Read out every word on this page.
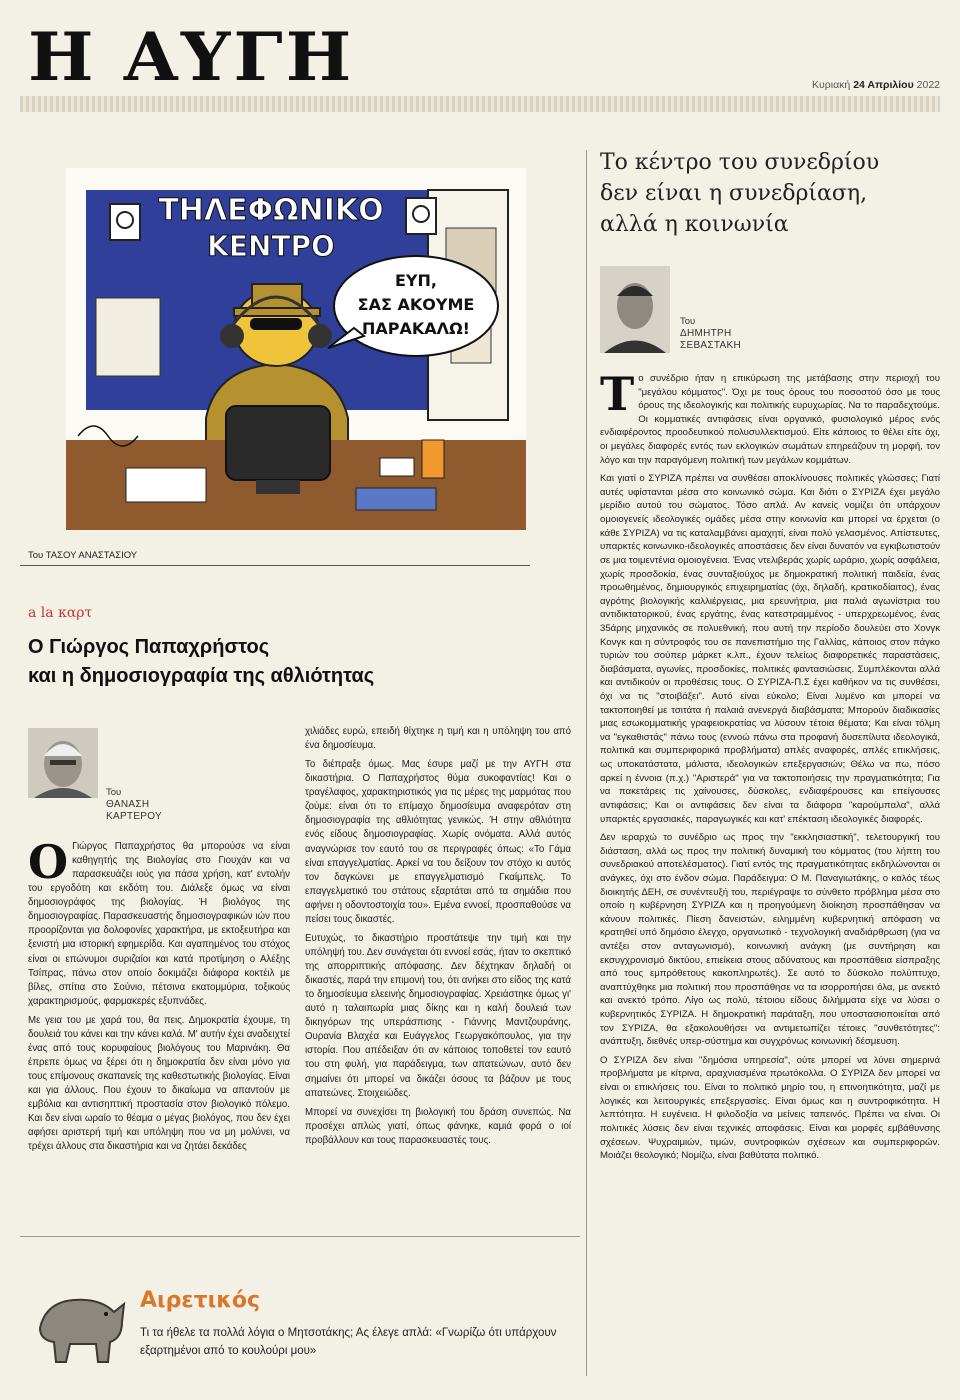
Η ΑΥΓΗ	Κυριακή 24 Απριλίου 2022
ΤΗΛΕΦΩΝΙΚΟ
ΚΕΝΤΡΟ
ΕΥΠ,
ΣΑΣ ΑΚΟΥΜΕ
ΠΑΡΑΚΑΛΩ!
Του ΤΑΣΟΥ ΑΝΑΣΤΑΣΙΟΥ
a la καρτ
Ο Γιώργος Παπαχρήστος
και η δημοσιογραφία της αθλιότητας
Του
ΘΑΝΑΣΗ
ΚΑΡΤΕΡΟΥ

Ο Γιώργος Παπαχρήστος θα μπορούσε να είναι καθηγητής της Βιολογίας στο Γιουχάν και να παρασκευάζει ιούς για πάσα χρήση, κατ' εντολήν του εργοδότη και εκδότη του. Διάλεξε όμως να είναι δημοσιογράφος της βιολογίας. Ή βιολόγος της δημοσιογραφίας. Παρασκευαστής δημοσιογραφικών ιών που προορίζονται για δολοφονίες χαρακτήρα, με εκτοξευτήρα και ξενιστή μια ιστορική εφημερίδα. Και αγαπημένος του στόχος είναι οι επώνυμοι συριζαίοι και κατά προτίμηση ο Αλέξης Τσίπρας, πάνω στον οποίο δοκιμάζει διάφορα κοκτέιλ με βίλες, σπίτια στο Σούνιο, πέτσινα εκατομμύρια, τοξικούς χαρακτηρισμούς, φαρμακερές εξυπνάδες.

Με γεια του με χαρά του, θα πεις. Δημοκρατία έχουμε, τη δουλειά του κάνει και την κάνει καλά. Μ' αυτήν έχει αναδειχτεί ένας από τους κορυφαίους βιολόγους του Μαρινάκη. Θα έπρεπε όμως να ξέρει ότι η δημοκρατία δεν είναι μόνο για τους επίμονους σκαπανείς της καθεστωτικής βιολογίας. Είναι και για άλλους. Που έχουν το δικαίωμα να απαντούν με εμβόλια και αντισηπτική προστασία στον βιολογικό πόλεμο. Και δεν είναι ωραίο το θέαμα ο μέγας βιολόγος, που δεν έχει αφήσει αριστερή τιμή και υπόληψη που να μη μολύνει, να τρέχει άλλους στα δικαστήρια και να ζητάει δεκάδες

χιλιάδες ευρώ, επειδή θίχτηκε η τιμή και η υπόληψη του από ένα δημοσίευμα.

Το διέπραξε όμως. Μας έσυρε μαζί με την ΑΥΓΗ στα δικαστήρια. Ο Παπαχρήστος θύμα συκοφαντίας! Και ο τραγέλαφος, χαρακτηριστικός για τις μέρες της μαρμότας που ζούμε: είναι ότι το επίμαχο δημοσίευμα αναφερόταν στη δημοσιογραφία της αθλιότητας γενικώς. Ή στην αθλιότητα ενός είδους δημοσιογραφίας. Χωρίς ονόματα. Αλλά αυτός αναγνώρισε τον εαυτό του σε περιγραφές όπως: «Το Γάμα είναι επαγγελματίας. Αρκεί να του δείξουν τον στόχο κι αυτός τον δαγκώνει με επαγγελματισμό Γκαίμπελς. Το επαγγελματικό του στάτους εξαρτάται από τα σημάδια που αφήνει η οδοντοστοιχία του». Εμένα εννοεί, προσπαθούσε να πείσει τους δικαστές.

Ευτυχώς, το δικαστήριο προστάτεψε την τιμή και την υπόληψή του. Δεν συνάγεται ότι εννοεί εσάς, ήταν το σκεπτικό της απορριπτικής απόφασης. Δεν δέχτηκαν δηλαδή οι δικαστές, παρά την επιμονή του, ότι ανήκει στο είδος της κατά το δημοσίευμα ελεεινής δημοσιογραφίας. Χρειάστηκε όμως γι' αυτό η ταλαιπωρία μιας δίκης και η καλή δουλειά των δικηγόρων της υπεράσπισης - Γιάννης Μαντζουράνης, Ουρανία Βλαχέα και Ευάγγελος Γεωργακόπουλος, για την ιστορία. Που απέδειξαν ότι αν κάποιος τοποθετεί τον εαυτό του στη φυλή, για παράδειγμα, των απατεώνων, αυτό δεν σημαίνει ότι μπορεί να δικάζει όσους τα βάζουν με τους απατεώνες. Στοιχειώδες.

Μπορεί να συνεχίσει τη βιολογική του δράση συνεπώς. Να προσέχει απλώς γιατί, όπως φάνηκε, καμιά φορά ο ιοί προβάλλουν και τους παρασκευαστές τους.

Αιρετικός
Τι τα ήθελε τα πολλά λόγια ο Μητσοτάκης; Ας έλεγε απλά: «Γνωρίζω ότι υπάρχουν εξαρτημένοι από το κουλούρι μου»
Το κέντρο του συνεδρίου
δεν είναι η συνεδρίαση,
αλλά η κοινωνία
Του
ΔΗΜΗΤΡΗ
ΣΕΒΑΣΤΑΚΗ

Το συνέδριο ήταν η επικύρωση της μετάβασης στην περιοχή του "μεγάλου κόμματος". Όχι με τους όρους του ποσοστού όσο με τους όρους της ιδεολογικής και πολιτικής ευρυχωρίας. Να το παραδεχτούμε. Οι κομματικές αντιφάσεις είναι οργανικό, φυσιολογικό μέρος ενός ενδιαφέροντος προοδευτικού πολυσυλλεκτισμού. Είτε κάποιος το θέλει είτε όχι, οι μεγάλες διαφορές εντός των εκλογικών σωμάτων επηρεάζουν τη μορφή, τον λόγο και την παραγόμενη πολιτική των μεγάλων κομμάτων.

Και γιατί ο ΣΥΡΙΖΑ πρέπει να συνθέσει αποκλίνουσες πολιτικές γλώσσες; Γιατί αυτές υφίστανται μέσα στο κοινωνικό σώμα. Και διότι ο ΣΥΡΙΖΑ έχει μεγάλο μερίδιο αυτού του σώματος. Τόσο απλά. Αν κανείς νομίζει ότι υπάρχουν ομοιογενείς ιδεολογικές ομάδες μέσα στην κοινωνία και μπορεί να έρχεται (ο κάθε ΣΥΡΙΖΑ) να τις καταλαμβάνει αμαχητί, είναι πολύ γελασμένος. Απίστευτες, υπαρκτές κοινωνικο-ιδεολογικές αποστάσεις δεν είναι δυνατόν να εγκιβωτιστούν σε μια τοιμεντένια ομοιογένεια. Ένας ντελιβεράς χωρίς ωράριο, χωρίς ασφάλεια, χωρίς προσδοκία, ένας συνταξιούχος με δημοκρατική πολιτική παιδεία, ένας προωθημένος, δημιουργικός επιχειρηματίας (όχι, δηλαδή, κρατικοδίαιτος), ένας αγρότης βιολογικής καλλιέργειας, μια ερευνήτρια, μια παλιά αγωνίστρια του αντιδικτατορικού, ένας εργάτης, ένας κατεστραμμένος - υπερχρεωμένος, ένας 35άρης μηχανικός σε πολυεθνική, που αυτή την περίοδο δουλεύει στο Χονγκ Κονγκ και η σύντροφός του σε πανεπιστήμιο της Γαλλίας, κάποιος στον πάγκο τυριών του σούπερ μάρκετ κ.λπ., έχουν τελείως διαφορετικές παραστάσεις, διαβάσματα, αγωνίες, προσδοκίες, πολιτικές φαντασιώσεις. Συμπλέκονται αλλά και αντιδικούν οι προθέσεις τους. Ο ΣΥΡΙΖΑ-Π.Σ έχει καθήκον να τις συνθέσει, όχι να τις "στοιβάξει". Αυτό είναι εύκολο; Είναι λυμένο και μπορεί να τακτοποιηθεί με τσιτάτα ή παλαιά ανενεργά διαβάσματα; Μπορούν διαδικασίες μιας εσωκομματικής γραφειοκρατίας να λύσουν τέτοια θέματα; Και είναι τόλμη να "εγκαθιστάς" πάνω τους (εννοώ πάνω στα προφανή δυσεπίλυτα ιδεολογικά, πολιτικά και συμπεριφορικά προβλήματα) απλές αναφορές, απλές επικλήσεις, ως υποκατάστατα, μάλιστα, ιδεολογικών επεξεργασιών; Θέλω να πω, πόσο αρκεί η έννοια (π.χ.) "Αριστερά" για να τακτοποιήσεις την πραγματικότητα; Για να πακετάρεις τις χαίνουσες, δύσκολες, ενδιαφέρουσες και επείγουσες αντιφάσεις; Και οι αντιφάσεις δεν είναι τα διάφορα "καρούμπαλα", αλλά υπαρκτές εργασιακές, παραγωγικές και κατ' επέκταση ιδεολογικές διαφορές.

Δεν ιεραρχώ το συνέδριο ως προς την "εκκλησιαστική", τελετουργική του διάσταση, αλλά ως προς την πολιτική δυναμική του κόμματος (του λήπτη του συνεδριακού αποτελέσματος). Γιατί εντός της πραγματικότητας εκδηλώνονται οι ανάγκες, όχι στο ένδον σώμα. Παράδειγμα: Ο Μ. Παναγιωτάκης, ο καλός τέως διοικητής ΔΕΗ, σε συνέντευξή του, περιέγραψε το σύνθετο πρόβλημα μέσα στο οποίο η κυβέρνηση ΣΥΡΙΖΑ και η προηγούμενη διοίκηση προσπάθησαν να κάνουν πολιτικές. Πίεση δανειστών, ειλημμένη κυβερνητική απόφαση να κρατηθεί υπό δημόσιο έλεγχο, οργανωτικό - τεχνολογική αναδιάρθρωση (για να αντέξει στον ανταγωνισμό), κοινωνική ανάγκη (με συντήρηση και εκσυγχρονισμό δικτύου, επιείκεια στους αδύνατους και προσπάθεια είσπραξης από τους εμπρόθετους κακοπληρωτές). Σε αυτό το δύσκολο πολύπτυχο, αναπτύχθηκε μια πολιτική που προσπάθησε να τα ισορροπήσει όλα, με ανεκτό και ανεκτό τρόπο. Λίγο ως πολύ, τέτοιου είδους διλήμματα είχε να λύσει ο κυβερνητικός ΣΥΡΙΖΑ. Η δημοκρατική παράταξη, που υποστασιοποιείται από τον ΣΥΡΙΖΑ, θα εξακολουθήσει να αντιμετωπίζει τέτοιες "συνθετότητες": ανάπτυξη, διεθνές υπερ-σύστημα και συγχρόνως κοινωνική δέσμευση.

Ο ΣΥΡΙΖΑ δεν είναι "δημόσια υπηρεσία", ούτε μπορεί να λύνει σημερινά προβλήματα με κίτρινα, αραχνιασμένα πρωτόκολλα. Ο ΣΥΡΙΖΑ δεν μπορεί να είναι οι επικλήσεις του. Είναι το πολιτικό μηρίο του, η επινοητικότητα, μαζί με λογικές και λειτουργικές επεξεργασίες. Είναι όμως και η συντροφικότητα. Η λεπτότητα. Η ευγένεια. Η φιλοδοξία να μείνεις ταπεινός. Πρέπει να είναι. Οι πολιτικές λύσεις δεν είναι τεχνικές αποφάσεις. Είναι και μορφές εμβάθυνσης σχέσεων. Ψυχραιμιών, τιμών, συντροφικών σχέσεων και συμπεριφορών. Μοιάζει θεολογικό; Νομίζω, είναι βαθύτατα πολιτικό.
